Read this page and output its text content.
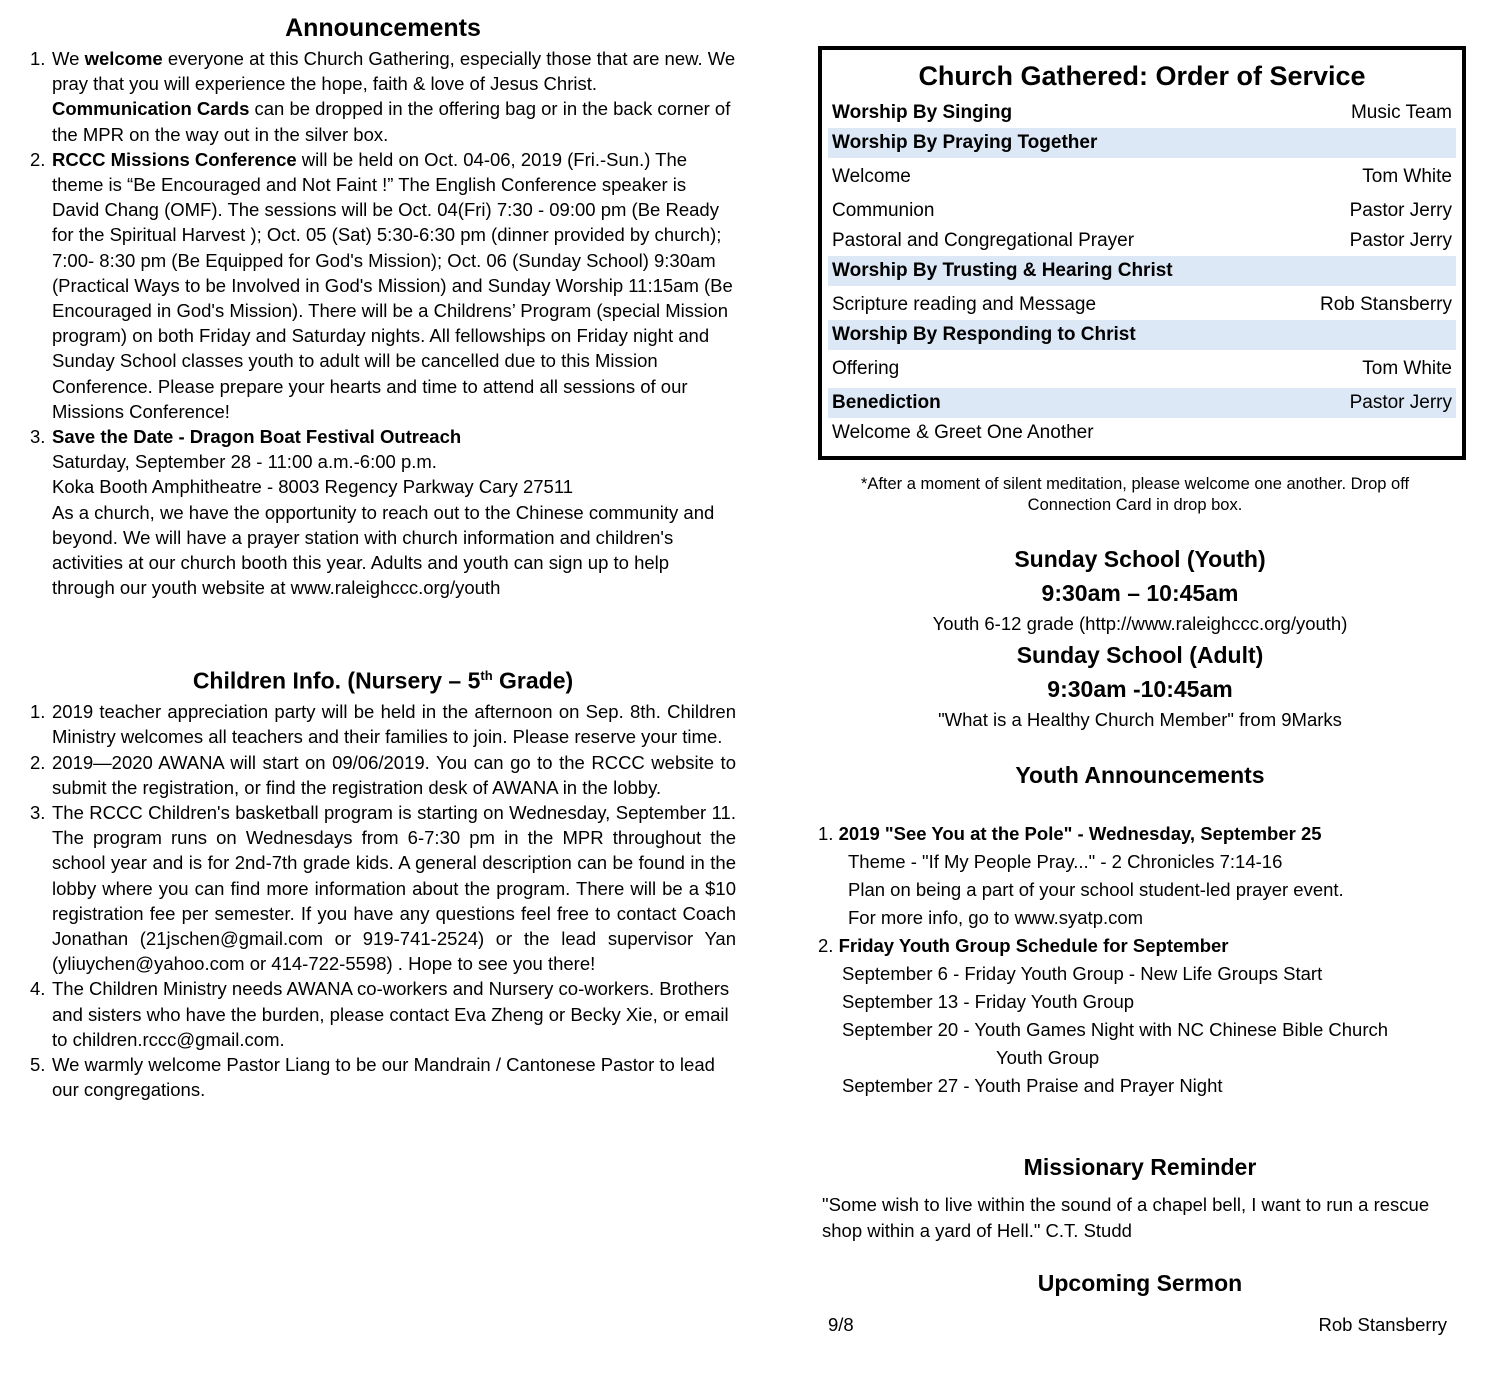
Announcements
1. We welcome everyone at this Church Gathering, especially those that are new. We pray that you will experience the hope, faith & love of Jesus Christ. Communication Cards can be dropped in the offering bag or in the back corner of the MPR on the way out in the silver box.
2. RCCC Missions Conference will be held on Oct. 04-06, 2019 (Fri.-Sun.) The theme is “Be Encouraged and Not Faint !” The English Conference speaker is David Chang (OMF). The sessions will be Oct. 04(Fri) 7:30 - 09:00 pm (Be Ready for the Spiritual Harvest ); Oct. 05 (Sat) 5:30-6:30 pm (dinner provided by church); 7:00- 8:30 pm (Be Equipped for God's Mission); Oct. 06 (Sunday School) 9:30am (Practical Ways to be Involved in God's Mission) and Sunday Worship 11:15am (Be Encouraged in God's Mission). There will be a Childrens’ Program (special Mission program) on both Friday and Saturday nights. All fellowships on Friday night and Sunday School classes youth to adult will be cancelled due to this Mission Conference. Please prepare your hearts and time to attend all sessions of our Missions Conference!
3. Save the Date - Dragon Boat Festival Outreach
Saturday, September 28 - 11:00 a.m.-6:00 p.m.
Koka Booth Amphitheatre - 8003 Regency Parkway Cary 27511
As a church, we have the opportunity to reach out to the Chinese community and beyond. We will have a prayer station with church information and children's activities at our church booth this year. Adults and youth can sign up to help through our youth website at www.raleighccc.org/youth
Children Info. (Nursery – 5th Grade)
1. 2019 teacher appreciation party will be held in the afternoon on Sep. 8th. Children Ministry welcomes all teachers and their families to join. Please reserve your time.
2. 2019—2020 AWANA will start on 09/06/2019. You can go to the RCCC website to submit the registration, or find the registration desk of AWANA in the lobby.
3. The RCCC Children's basketball program is starting on Wednesday, September 11. The program runs on Wednesdays from 6-7:30 pm in the MPR throughout the school year and is for 2nd-7th grade kids. A general description can be found in the lobby where you can find more information about the program. There will be a $10 registration fee per semester. If you have any questions feel free to contact Coach Jonathan (21jschen@gmail.com or 919-741-2524) or the lead supervisor Yan (yliuychen@yahoo.com or 414-722-5598) . Hope to see you there!
4. The Children Ministry needs AWANA co-workers and Nursery co-workers. Brothers and sisters who have the burden, please contact Eva Zheng or Becky Xie, or email to children.rccc@gmail.com.
5. We warmly welcome Pastor Liang to be our Mandrain / Cantonese Pastor to lead our congregations.
Church Gathered: Order of Service
Worship By Singing	Music Team
Worship By Praying Together
Welcome	Tom White
Communion	Pastor Jerry
Pastoral and Congregational Prayer	Pastor Jerry
Worship By Trusting & Hearing Christ
Scripture reading and Message	Rob Stansberry
Worship By Responding to Christ
Offering	Tom White
Benediction	Pastor Jerry
Welcome & Greet One Another
*After a moment of silent meditation, please welcome one another. Drop off Connection Card in drop box.
Sunday School (Youth)
9:30am – 10:45am
Youth 6-12 grade (http://www.raleighccc.org/youth)
Sunday School (Adult)
9:30am -10:45am
"What is a Healthy Church Member" from 9Marks
Youth Announcements
1. 2019 "See You at the Pole" - Wednesday, September 25
Theme - "If My People Pray..." - 2 Chronicles 7:14-16
Plan on being a part of your school student-led prayer event.
For more info, go to www.syatp.com
2. Friday Youth Group Schedule for September
September 6 - Friday Youth Group - New Life Groups Start
September 13 - Friday Youth Group
September 20 - Youth Games Night with NC Chinese Bible Church
Youth Group
September 27 - Youth Praise and Prayer Night
Missionary Reminder
"Some wish to live within the sound of a chapel bell, I want to run a rescue shop within a yard of Hell." C.T. Studd
Upcoming Sermon
9/8	Rob Stansberry
